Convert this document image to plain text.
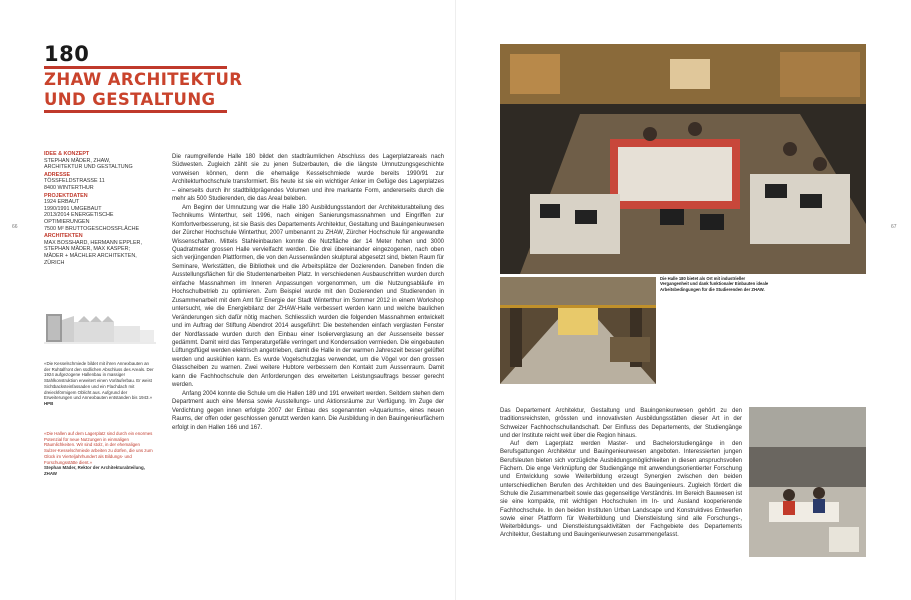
180
ZHAW ARCHITEKTUR
UND GESTALTUNG
66	67
IDEE & KONZEPT
STEPHAN MÄDER, ZHAW,
ARCHITEKTUR UND GESTALTUNG
ADRESSE
TÖSSFELDSTRASSE 11
8400 WINTERTHUR
PROJEKTDATEN
1924 ERBAUT
1990/1991 UMGEBAUT
2013/2014 ENERGETISCHE
OPTIMIERUNGEN
7500 M² BRUTTOGESCHOSSFLÄCHE
ARCHITEKTEN
MAX BOSSHARD, HERMANN EPPLER,
STEPHAN MÄDER, MAX KASPER;
MÄDER + MÄCHLER ARCHITEKTEN,
ZÜRICH
«Die Kesselschmiede bildet mit ihren Annexbauten an der Ruhtalfront den südlichen Abschluss des Areals. Der 1924 aufgezogene Hallenbau in massiger Stahlkonstruktion erweitert einen Vorläuferbau. Er weist Sichtbacksteinfassaden und ein Flachdach mit dreieckförmigem Oblicht aus. Aufgrund der Erweiterungen und Annexbauten entstanden bis 1943.» HPB
«Die Hallen auf dem Lagerplatz sind durch ein enormes Potenzial für neue Nutzungen in einmaligen Räumlichkeiten. Wir sind stolz, in der ehemaligen Sulzer-Kesselschmiede arbeiten zu dürfen, die uns zum Glück im Vierteljahrhundert als Bildungs- und Forschungsstätte dient.»
Stephan Mäder, Rektor der Architekturabteilung, ZHAW

Die raumgreifende Halle 180 bildet den stadträumlichen Abschluss des Lagerplatzareals nach Südwesten. Zugleich zählt sie zu jenen Sulzerbauten, die die längste Umnutzungsgeschichte vorweisen können, denn die ehemalige Kesselschmiede wurde bereits 1990/91 zur Architekturhochschule transformiert. Bis heute ist sie ein wichtiger Anker im Gefüge des Lagerplatzes – einerseits durch ihr stadtbildprägendes Volumen und ihre markante Form, andererseits durch die mehr als 500 Studierenden, die das Areal beleben.

Am Beginn der Umnutzung war die Halle 180 Ausbildungsstandort der Architekturabteilung des Technikums Winterthur, seit 1996, nach einigen Sanierungsmassnahmen und Eingriffen zur Komfortverbesserung, ist sie Basis des Departements Architektur, Gestaltung und Bauingenieurwesen der Zürcher Hochschule Winterthur, 2007 umbenannt zu ZHAW, Zürcher Hochschule für angewandte Wissenschaften. Mittels Stahleinbauten konnte die Nutzfläche der 14 Meter hohen und 3000 Quadratmeter grossen Halle vervielfacht werden. Die drei übereinander eingezogenen, nach oben sich verjüngenden Plattformen, die von den Aussenwänden skulptural abgesetzt sind, bieten Raum für Seminare, Werkstätten, die Bibliothek und die Arbeitsplätze der Dozierenden. Daneben finden die Ausstellungsflächen für die Studentenarbeiten Platz. In verschiedenen Ausbauschritten wurden durch einfache Massnahmen im Inneren Anpassungen vorgenommen, um die Nutzungsabläufe im Hochschulbetrieb zu optimieren. Zum Beispiel wurde mit den Dozierenden und Studierenden in Zusammenarbeit mit dem Amt für Energie der Stadt Winterthur im Sommer 2012 in einem Workshop untersucht, wie die Energiebilanz der ZHAW-Halle verbessert werden kann und welche baulichen Veränderungen sich dafür nötig machen. Schliesslich wurden die folgenden Massnahmen entwickelt und im Auftrag der Stiftung Abendrot 2014 ausgeführt: Die bestehenden einfach verglasten Fenster der Nordfassade wurden durch den Einbau einer Isolierverglasung an der Aussenseite besser gedämmt. Damit wird das Temperaturgefälle verringert und Kondensation vermieden. Die eingebauten Lüftungsflügel werden elektrisch angetrieben, damit die Halle in der warmen Jahreszeit besser gelüftet werden und auskühlen kann. Es wurde Vogelschutzglas verwendet, um die Vögel vor den grossen Glasscheiben zu warnen. Zwei weitere Hubtore verbessern den Kontakt zum Aussenraum. Damit kann die Fachhochschule den Anforderungen des erweiterten Leistungsauftrags besser gerecht werden.

Anfang 2004 konnte die Schule um die Hallen 189 und 191 erweitert werden. Seitdem stehen dem Department auch eine Mensa sowie Ausstellungs- und Aktionsräume zur Verfügung. Im Zuge der Verdichtung gegen innen erfolgte 2007 der Einbau des sogenannten «Aquariums», eines neuen Raums, der offen oder geschlossen genutzt werden kann. Die Ausbildung in den Bauingenieurfächern erfolgt in den Hallen 166 und 167.

Die Halle 180 bietet als Ort mit industrieller Vergangenheit und dank funktionaler Einbauten ideale Arbeitsbedingungen für die Studierenden der ZHAW.

Das Departement Architektur, Gestaltung und Bauingenieurwesen gehört zu den traditionsreichsten, grössten und innovativsten Ausbildungsstätten dieser Art in der Schweizer Fachhochschullandschaft. Der Einfluss des Departements, der Studiengänge und der Institute reicht weit über die Region hinaus.

Auf dem Lagerplatz werden Master- und Bachelorstudiengänge in den Berufsgattungen Architektur und Bauingenieurwesen angeboten. Interessierten jungen Berufsleuten bieten sich vorzügliche Ausbildungsmöglichkeiten in diesen anspruchsvollen Fächern. Die enge Verknüpfung der Studiengänge mit anwendungsorientierter Forschung und Entwicklung sowie Weiterbildung erzeugt Synergien zwischen den beiden unterschiedlichen Berufen des Architekten und des Bauingenieurs. Zugleich fördert die Schule die Zusammenarbeit sowie das gegenseitige Verständnis. Im Bereich Bauwesen ist sie eine kompakte, mit wichtigen Hochschulen im In- und Ausland kooperierende Fachhochschule. In den beiden Instituten Urban Landscape und Konstruktives Entwerfen sowie einer Plattform für Weiterbildung und Dienstleistung sind alle Forschungs-, Weiterbildungs- und Dienstleistungsaktivitäten der Fachgebiete des Departements Architektur, Gestaltung und Bauingenieurwesen zusammengefasst.
